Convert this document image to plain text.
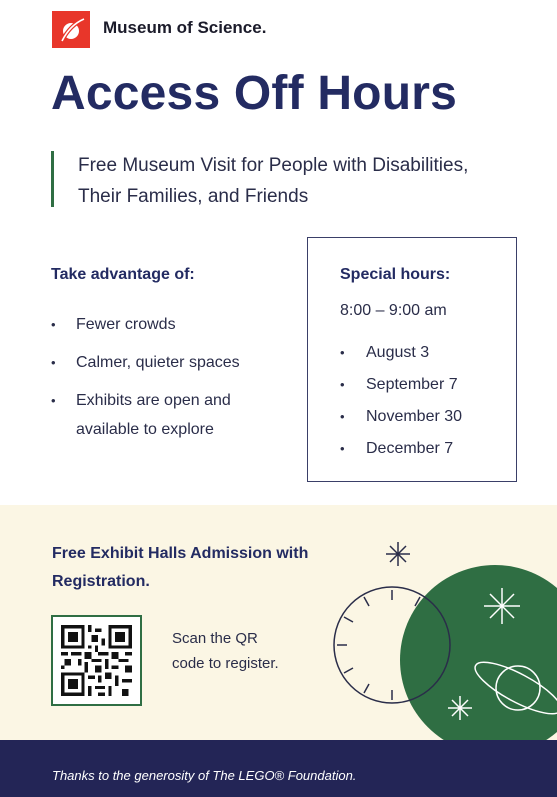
Museum of Science.
Access Off Hours
Free Museum Visit for People with Disabilities, Their Families, and Friends
Take advantage of:
• Fewer crowds
• Calmer, quieter spaces
• Exhibits are open and available to explore
Special hours:
8:00 – 9:00 am
• August 3
• September 7
• November 30
• December 7
Free Exhibit Halls Admission with Registration.
Scan the QR code to register.
Thanks to the generosity of The LEGO® Foundation.
